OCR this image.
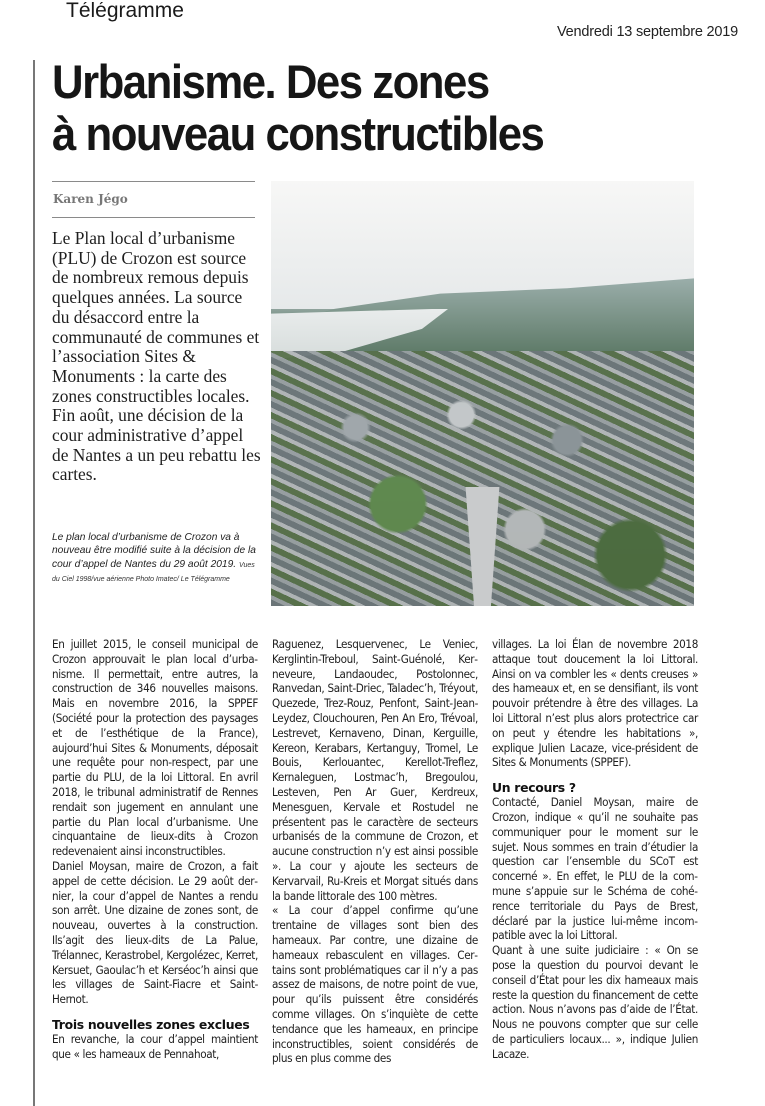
Télégramme
Vendredi 13 septembre 2019
Urbanisme. Des zones
à nouveau constructibles
Karen Jégo

Le Plan local d’urbanisme (PLU) de Crozon est source de nombreux remous depuis quelques années. La source du désaccord entre la communauté de communes et l’association Sites & Monuments : la carte des zones constructibles locales. Fin août, une décision de la cour administrative d’appel de Nantes a un peu rebattu les cartes.

Le plan local d’urbanisme de Crozon va à nouveau être modifié suite à la décision de la cour d’appel de Nantes du 29 août 2019. Vues du Ciel 1998/vue aérienne Photo Imatec/ Le Télégramme

En juillet 2015, le conseil municipal de Crozon approuvait le plan local d’urbanisme. Il permettait, entre autres, la construction de 346 nouvelles maisons. Mais en novembre 2016, la SPPEF (Société pour la protection des paysages et de l’esthétique de la France), aujourd’hui Sites & Monuments, déposait une requête pour non-respect, par une partie du PLU, de la loi Littoral. En avril 2018, le tribunal administratif de Rennes rendait son jugement en annulant une partie du Plan local d’urbanisme. Une cinquantaine de lieux-dits à Crozon redevenaient ainsi inconstructibles.

Daniel Moysan, maire de Crozon, a fait appel de cette décision. Le 29 août dernier, la cour d’appel de Nantes a rendu son arrêt. Une dizaine de zones sont, de nouveau, ouvertes à la construction. Ils’agit des lieux-dits de La Palue, Trélannec, Kerastrobel, Kergolézec, Kerret, Kersuet, Gaoulac’h et Kerséoc’h ainsi que les villages de Saint-Fiacre et Saint-Hernot.

Trois nouvelles zones exclues

En revanche, la cour d’appel maintient que « les hameaux de Pennahoat,

Raguenez, Lesquervenec, Le Veniec, Kerglintin-Treboul, Saint-Guénolé, Kerneveure, Landaoudec, Postolonnec, Ranvedan, Saint-Driec, Taladec’h, Tréyout, Quezede, Trez-Rouz, Penfont, Saint-Jean-Leydez, Clouchouren, Pen An Ero, Trévoal, Lestrevet, Kernaveno, Dinan, Kerguille, Kereon, Kerabars, Kertanguy, Tromel, Le Bouis, Kerlouantec, Kerellot-Treflez, Kernaleguen, Lostmac’h, Bregoulou, Lesteven, Pen Ar Guer, Kerdreux, Menesguen, Kervale et Rostudel ne présentent pas le caractère de secteurs urbanisés de la commune de Crozon, et aucune construction n’y est ainsi possible ». La cour y ajoute les secteurs de Kervarvail, Ru-Kreis et Morgat situés dans la bande littorale des 100 mètres.

« La cour d’appel confirme qu’une trentaine de villages sont bien des hameaux. Par contre, une dizaine de hameaux rebasculent en villages. Certains sont problématiques car il n’y a pas assez de maisons, de notre point de vue, pour qu’ils puissent être considérés comme villages. On s’inquiète de cette tendance que les hameaux, en principe inconstructibles, soient considérés de plus en plus comme des

villages. La loi Élan de novembre 2018 attaque tout doucement la loi Littoral. Ainsi on va combler les « dents creuses » des hameaux et, en se densifiant, ils vont pouvoir prétendre à être des villages. La loi Littoral n’est plus alors protectrice car on peut y étendre les habitations », explique Julien Lacaze, vice-président de Sites & Monuments (SPPEF).

Un recours ?

Contacté, Daniel Moysan, maire de Crozon, indique « qu’il ne souhaite pas communiquer pour le moment sur le sujet. Nous sommes en train d’étudier la question car l’ensemble du SCoT est concerné ». En effet, le PLU de la commune s’appuie sur le Schéma de cohérence territoriale du Pays de Brest, déclaré par la justice lui-même incompatible avec la loi Littoral.

Quant à une suite judiciaire : « On se pose la question du pourvoi devant le conseil d’État pour les dix hameaux mais reste la question du financement de cette action. Nous n’avons pas d’aide de l’État. Nous ne pouvons compter que sur celle de particuliers locaux... », indique Julien Lacaze.
